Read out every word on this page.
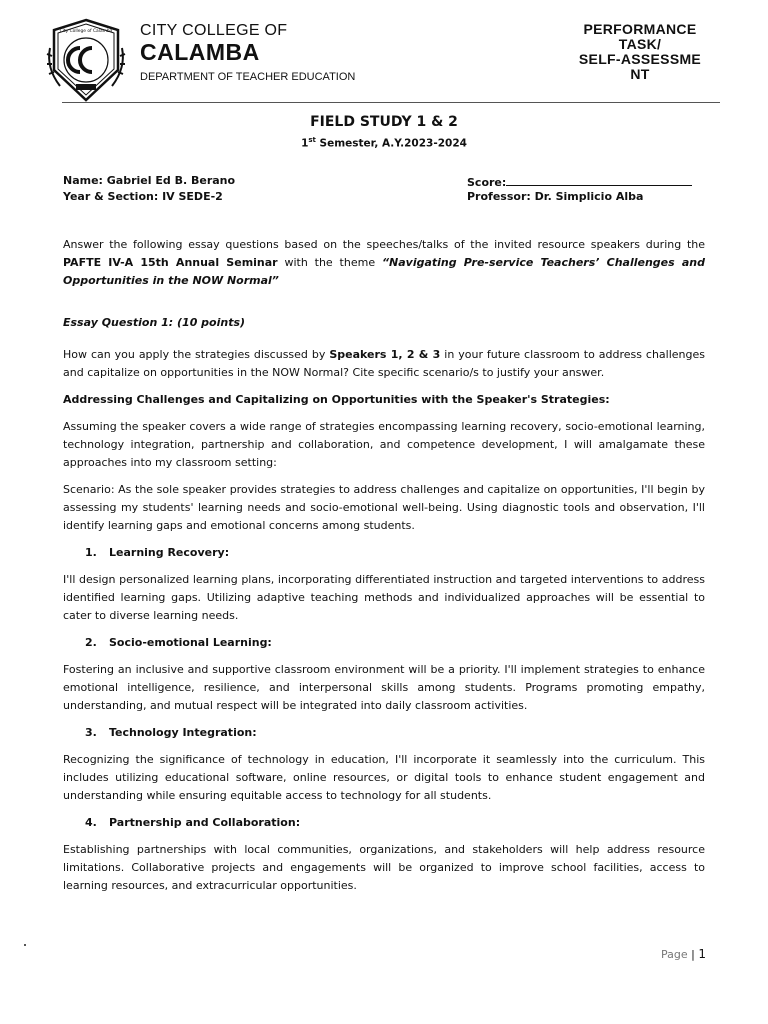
City College of Calamba CITY COLLEGE OF
CALAMBA
DEPARTMENT OF TEACHER EDUCATION
PERFORMANCE
TASK/
SELF-ASSESSME
NT
FIELD STUDY 1 & 2
1st Semester, A.Y.2023-2024
Name: Gabriel Ed B. Berano
Year & Section: IV SEDE-2
Score:
Professor: Dr. Simplicio Alba

Answer the following essay questions based on the speeches/talks of the invited resource speakers during the PAFTE IV-A 15th Annual Seminar with the theme “Navigating Pre-service Teachers’ Challenges and Opportunities in the NOW Normal”

Essay Question 1: (10 points)

How can you apply the strategies discussed by Speakers 1, 2 & 3 in your future classroom to address challenges and capitalize on opportunities in the NOW Normal? Cite specific scenario/s to justify your answer.

Addressing Challenges and Capitalizing on Opportunities with the Speaker's Strategies:

Assuming the speaker covers a wide range of strategies encompassing learning recovery, socio-emotional learning, technology integration, partnership and collaboration, and competence development, I will amalgamate these approaches into my classroom setting:

Scenario: As the sole speaker provides strategies to address challenges and capitalize on opportunities, I'll begin by assessing my students' learning needs and socio-emotional well-being. Using diagnostic tools and observation, I'll identify learning gaps and emotional concerns among students.

1. Learning Recovery:

I'll design personalized learning plans, incorporating differentiated instruction and targeted interventions to address identified learning gaps. Utilizing adaptive teaching methods and individualized approaches will be essential to cater to diverse learning needs.

2. Socio-emotional Learning:

Fostering an inclusive and supportive classroom environment will be a priority. I'll implement strategies to enhance emotional intelligence, resilience, and interpersonal skills among students. Programs promoting empathy, understanding, and mutual respect will be integrated into daily classroom activities.

3. Technology Integration:

Recognizing the significance of technology in education, I'll incorporate it seamlessly into the curriculum. This includes utilizing educational software, online resources, or digital tools to enhance student engagement and understanding while ensuring equitable access to technology for all students.

4. Partnership and Collaboration:

Establishing partnerships with local communities, organizations, and stakeholders will help address resource limitations. Collaborative projects and engagements will be organized to improve school facilities, access to learning resources, and extracurricular opportunities.

Page | 1
